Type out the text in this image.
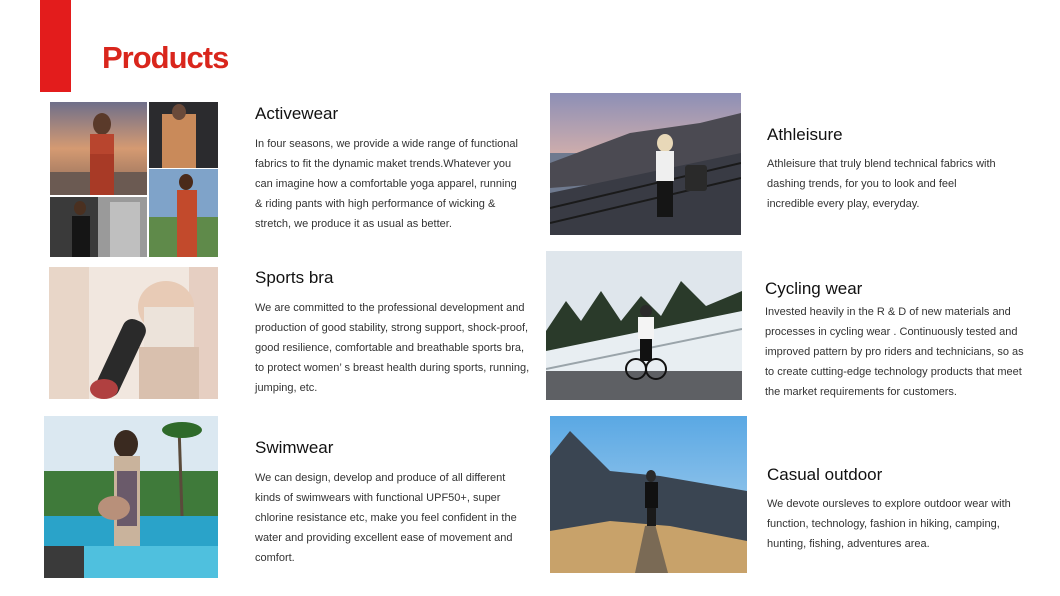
Products
Activewear

In four seasons, we provide a wide range of functional fabrics to fit the dynamic maket trends.Whatever you can imagine how a comfortable yoga apparel, running & riding pants with high performance of wicking & stretch, we produce it as usual as better.

Sports bra

We are committed to the professional development and production of good stability, strong support, shock-proof, good resilience, comfortable and breathable sports bra, to protect women’ s breast health during sports, running, jumping, etc.

Swimwear

We can design, develop and produce of all different kinds of swimwears with functional UPF50+, super chlorine resistance etc, make you feel confident in the water and providing excellent ease of movement and comfort.

Athleisure

Athleisure that truly blend technical fabrics with dashing trends, for you to look and feel incredible every play, everyday.

Cycling wear

Invested heavily in the R & D of new materials and processes in cycling wear . Continuously tested and improved pattern by pro riders and technicians, so as to create cutting-edge technology products that meet the market requirements for customers.

Casual outdoor

We devote oursleves to explore outdoor wear with function, technology, fashion in hiking, camping, hunting, fishing, adventures area.
